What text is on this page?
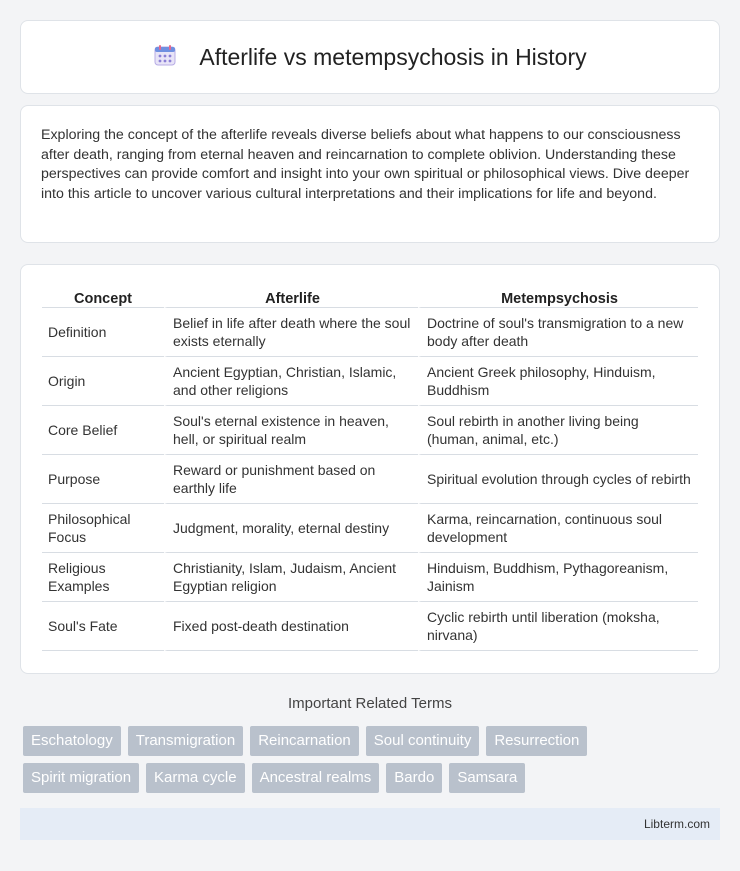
Afterlife vs metempsychosis in History

Exploring the concept of the afterlife reveals diverse beliefs about what happens to our consciousness after death, ranging from eternal heaven and reincarnation to complete oblivion. Understanding these perspectives can provide comfort and insight into your own spiritual or philosophical views. Dive deeper into this article to uncover various cultural interpretations and their implications for life and beyond.

Concept	Afterlife	Metempsychosis
Definition	Belief in life after death where the soul exists eternally	Doctrine of soul's transmigration to a new body after death
Origin	Ancient Egyptian, Christian, Islamic, and other religions	Ancient Greek philosophy, Hinduism, Buddhism
Core Belief	Soul's eternal existence in heaven, hell, or spiritual realm	Soul rebirth in another living being (human, animal, etc.)
Purpose	Reward or punishment based on earthly life	Spiritual evolution through cycles of rebirth
Philosophical Focus	Judgment, morality, eternal destiny	Karma, reincarnation, continuous soul development
Religious Examples	Christianity, Islam, Judaism, Ancient Egyptian religion	Hinduism, Buddhism, Pythagoreanism, Jainism
Soul's Fate	Fixed post-death destination	Cyclic rebirth until liberation (moksha, nirvana)
Important Related Terms
Eschatology	Transmigration	Reincarnation	Soul continuity	Resurrection
Spirit migration	Karma cycle	Ancestral realms	Bardo	Samsara
Libterm.com
